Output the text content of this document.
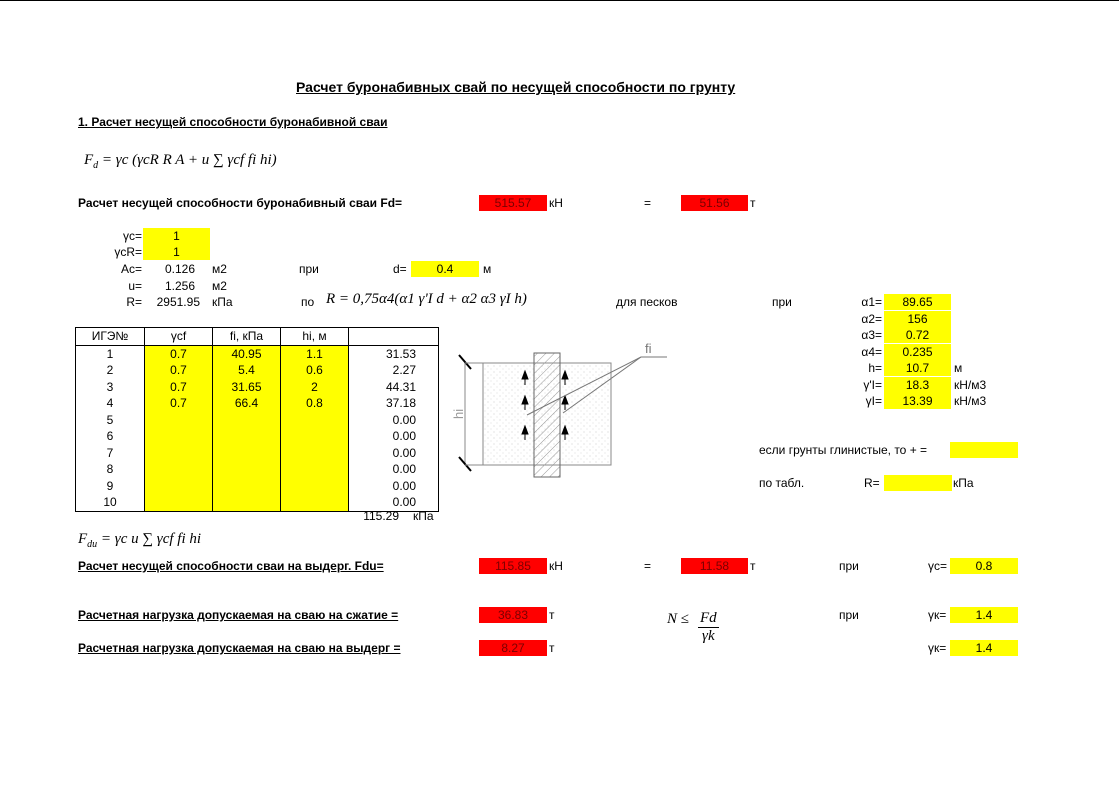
Расчет буронабивных свай по несущей способности по грунту
1. Расчет несущей способности буронабивной сваи
$F_d = \gamma c$ (γcR R A + u ∑ γcf fi hi)
Расчет несущей способности буронабивный сваи Fd=	515.57	кН	=	51.56	т
γc=	1
γcR=	1
Ac=	0.126 м2	при	d=	0.4	м
u=	1.256 м2
R=	2951.95 кПа	по R = 0,75α4(α1 γ'I d + α2 α3 γI h)	для песков	при	α1=	89.65
α2=	156
α3=	0.72
α4=	0.235
h=	10.7	м
γ'I=	18.3	кН/м3
γI=	13.39	кН/м3
ИГЭ№	γcf	fi, кПа	hi, м	
1	0.7	40.95	1.1	31.53
2	0.7	5.4	0.6	2.27
3	0.7	31.65	2	44.31
4	0.7	66.4	0.8	37.18
5				0.00
6				0.00
7				0.00
8				0.00
9				0.00
10				0.00
115.29 кПа
fi
hi
если грунты глинистые, то + =
по табл.	R=	кПа
$F_{du} = \gamma c$ u ∑ γcf fi hi
Расчет несущей способности сваи на выдерг. Fdu=	115.85	кН	=	11.58	т	при	γс=	0.8
Расчетная нагрузка допускаемая на сваю на сжатие =	36.83	т	при	γк=	1.4
$N \le \frac{Fd}{\gamma k}$
Расчетная нагрузка допускаемая на сваю на выдерг =	8.27	т	γк=	1.4
